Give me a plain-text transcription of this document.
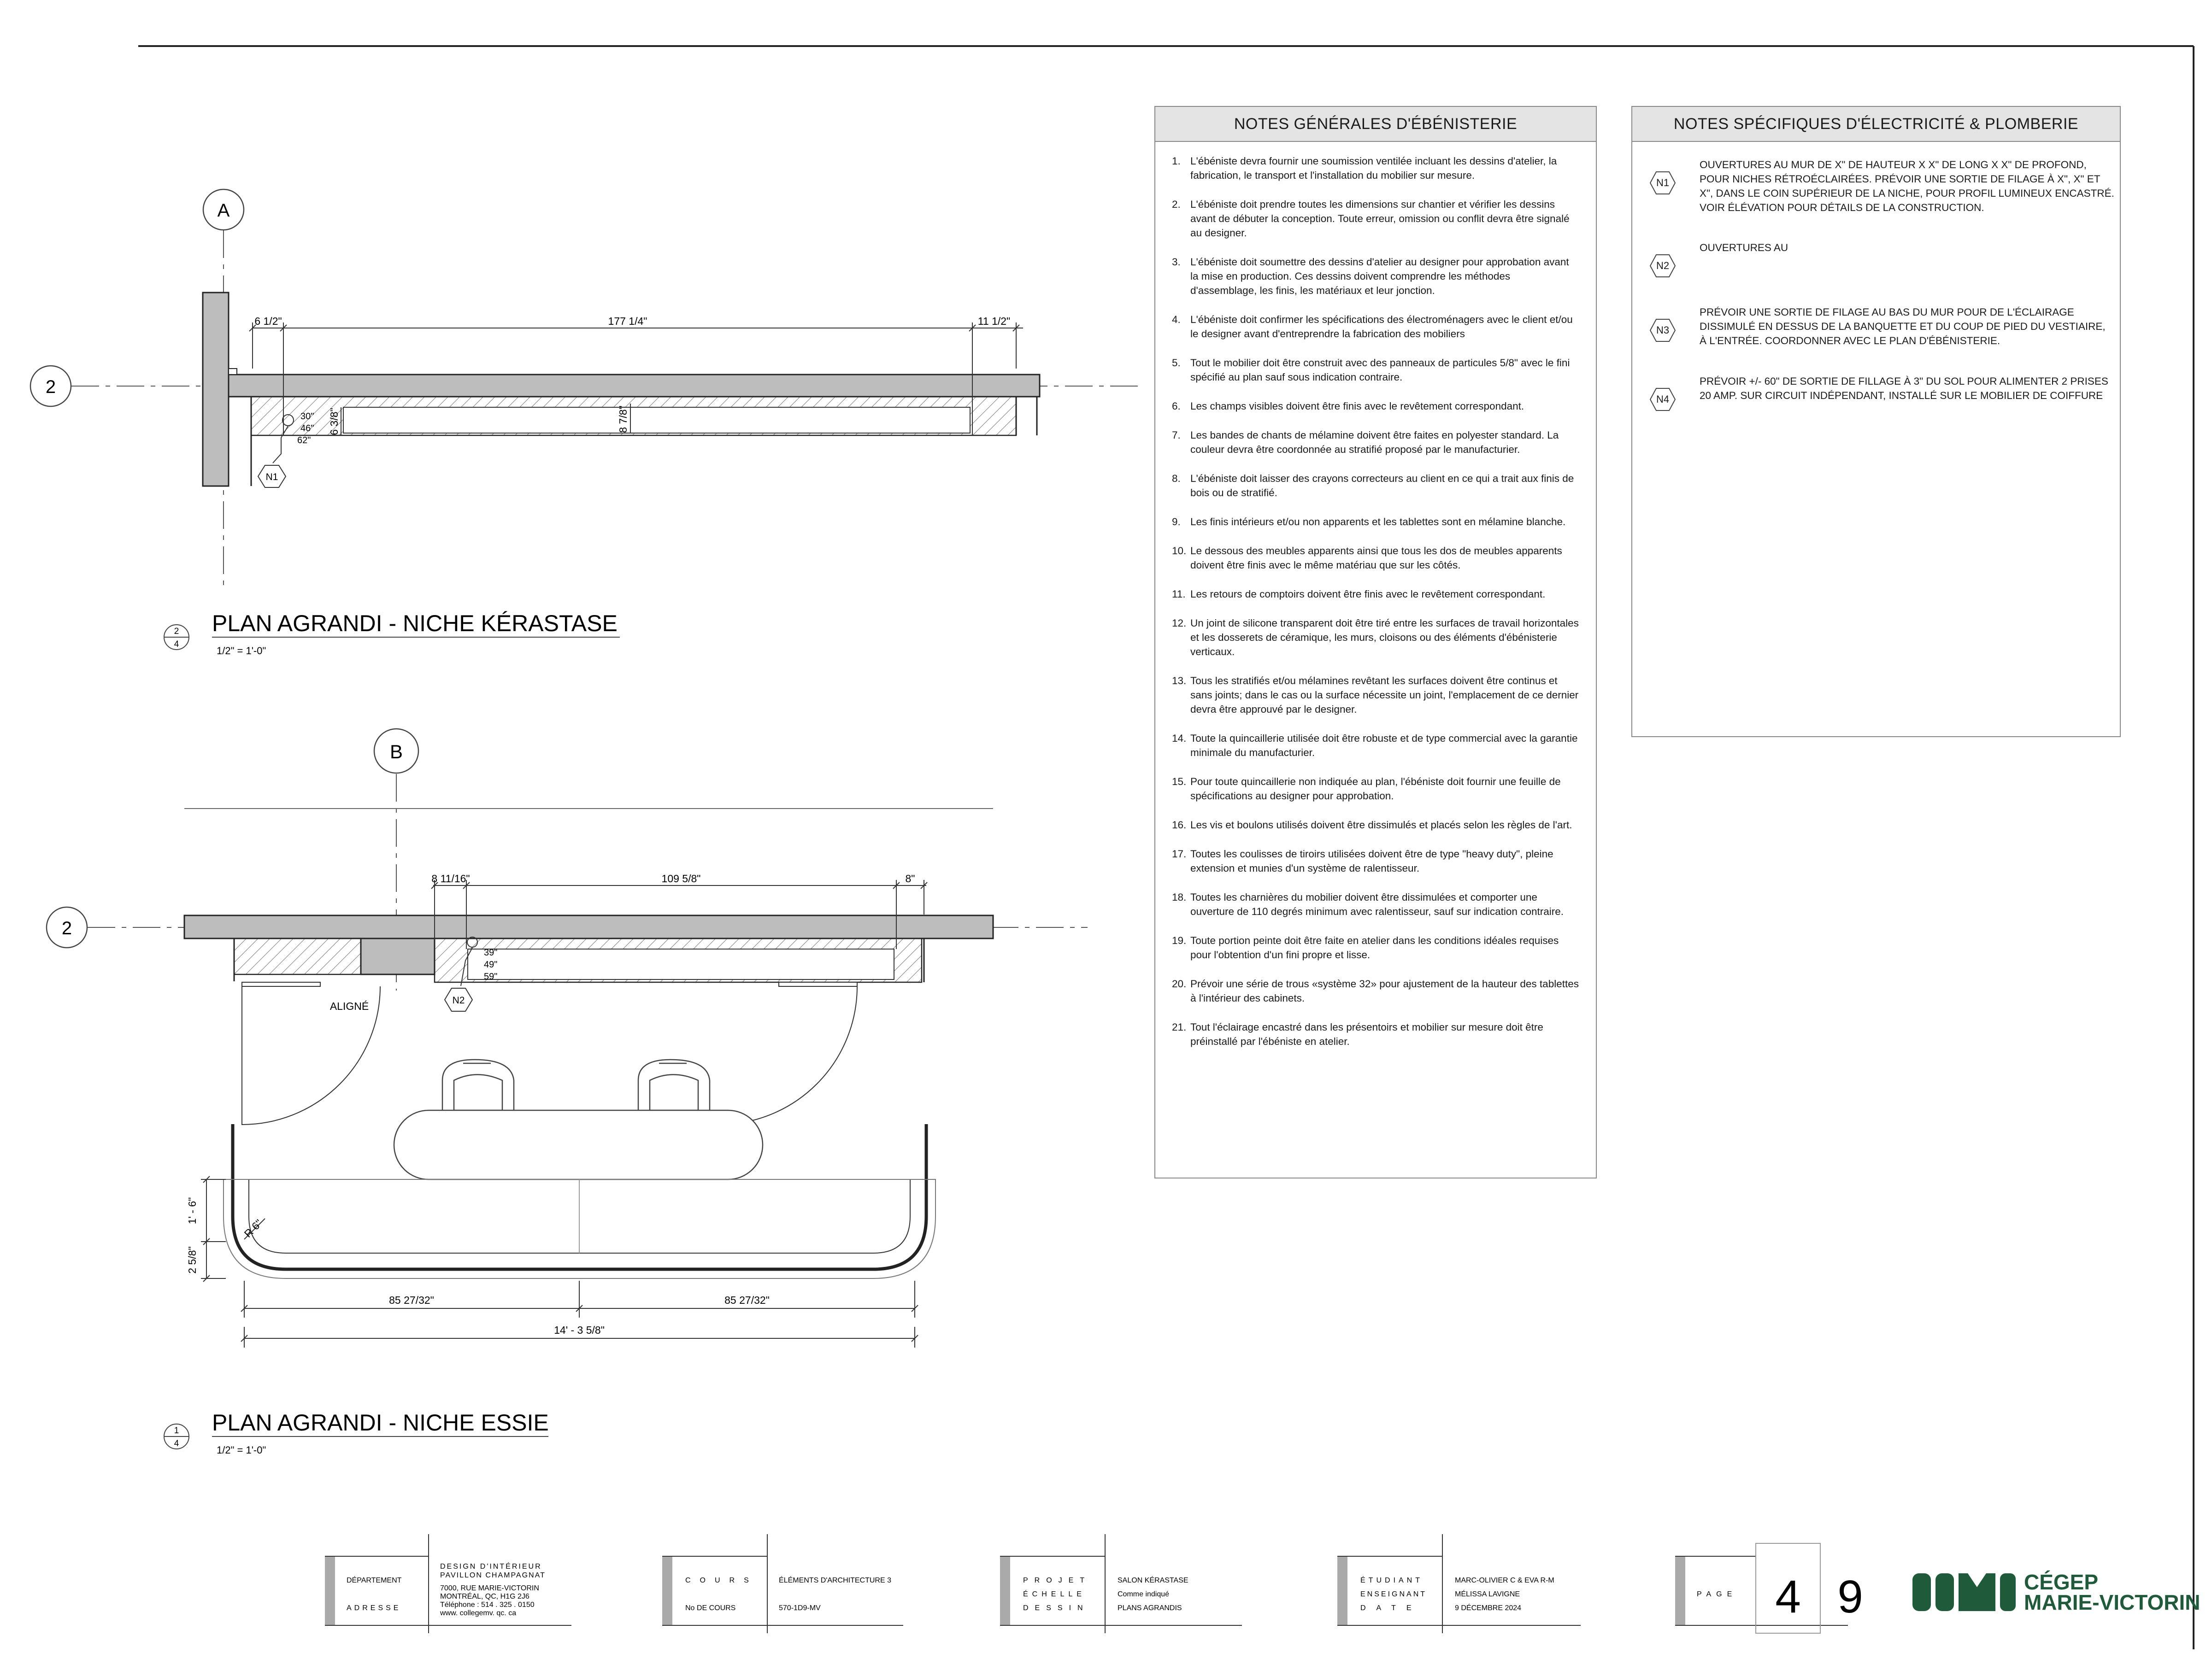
A
2
6 1/2"	177 1/4"	11 1/2"
6 3/8"	8 7/8"
30"
46"
62"
N1
2
4
PLAN AGRANDI - NICHE KÉRASTASE
1/2" = 1'-0"
B
2
8 11/16"	109 5/8"	8"
39"
49"
59"
N2
ALIGNÉ
1' - 6"
2 5/8"
R 6"
85 27/32"	85 27/32"
14' - 3 5/8"
1
4
PLAN AGRANDI - NICHE ESSIE
1/2" = 1'-0"
DÉPARTEMENT
DESIGN D'INTÉRIEUR
PAVILLON CHAMPAGNAT
ADRESSE
7000, RUE MARIE-VICTORIN
MONTRÉAL, QC, H1G 2J6
Téléphone : 514 . 325 . 0150
www. collegemv. qc. ca
COURS	ÉLÉMENTS D'ARCHITECTURE 3
No DE COURS	570-1D9-MV
PROJET	SALON KÉRASTASE
ÉCHELLE	Comme indiqué
DESSIN	PLANS AGRANDIS
ÉTUDIANT	MARC-OLIVIER C & EVA R-M
ENSEIGNANT	MÉLISSA LAVIGNE
DATE	9 DÉCEMBRE 2024
PAGE 4 9	CÉGEP
MARIE-VICTORIN
NOTES GÉNÉRALES D'ÉBÉNISTERIE
1. L'ébéniste devra fournir une soumission ventilée incluant les dessins d'atelier, la fabrication, le transport et l'installation du mobilier sur mesure.
2. L'ébéniste doit prendre toutes les dimensions sur chantier et vérifier les dessins avant de débuter la conception. Toute erreur, omission ou conflit devra être signalé au designer.
3. L'ébéniste doit soumettre des dessins d'atelier au designer pour approbation avant la mise en production. Ces dessins doivent comprendre les méthodes d'assemblage, les finis, les matériaux et leur jonction.
4. L'ébéniste doit confirmer les spécifications des électroménagers avec le client et/ou le designer avant d'entreprendre la fabrication des mobiliers
5. Tout le mobilier doit être construit avec des panneaux de particules 5/8" avec le fini spécifié au plan sauf sous indication contraire.
6. Les champs visibles doivent être finis avec le revêtement correspondant.
7. Les bandes de chants de mélamine doivent être faites en polyester standard. La couleur devra être coordonnée au stratifié proposé par le manufacturier.
8. L'ébéniste doit laisser des crayons correcteurs au client en ce qui a trait aux finis de bois ou de stratifié.
9. Les finis intérieurs et/ou non apparents et les tablettes sont en mélamine blanche.
10. Le dessous des meubles apparents ainsi que tous les dos de meubles apparents doivent être finis avec le même matériau que sur les côtés.
11. Les retours de comptoirs doivent être finis avec le revêtement correspondant.
12. Un joint de silicone transparent doit être tiré entre les surfaces de travail horizontales et les dosserets de céramique, les murs, cloisons ou des éléments d'ébénisterie verticaux.
13. Tous les stratifiés et/ou mélamines revêtant les surfaces doivent être continus et sans joints; dans le cas ou la surface nécessite un joint, l'emplacement de ce dernier devra être approuvé par le designer.
14. Toute la quincaillerie utilisée doit être robuste et de type commercial avec la garantie minimale du manufacturier.
15. Pour toute quincaillerie non indiquée au plan, l'ébéniste doit fournir une feuille de spécifications au designer pour approbation.
16. Les vis et boulons utilisés doivent être dissimulés et placés selon les règles de l'art.
17. Toutes les coulisses de tiroirs utilisées doivent être de type "heavy duty", pleine extension et munies d'un système de ralentisseur.
18. Toutes les charnières du mobilier doivent être dissimulées et comporter une ouverture de 110 degrés minimum avec ralentisseur, sauf sur indication contraire.
19. Toute portion peinte doit être faite en atelier dans les conditions idéales requises pour l'obtention d'un fini propre et lisse.
20. Prévoir une série de trous «système 32» pour ajustement de la hauteur des tablettes à l'intérieur des cabinets.
21. Tout l'éclairage encastré dans les présentoirs et mobilier sur mesure doit être préinstallé par l'ébéniste en atelier.
NOTES SPÉCIFIQUES D'ÉLECTRICITÉ & PLOMBERIE
N1
OUVERTURES AU MUR DE X" DE HAUTEUR X X" DE LONG X X" DE PROFOND, POUR NICHES RÉTROÉCLAIRÉES. PRÉVOIR UNE SORTIE DE FILAGE À X", X" ET X", DANS LE COIN SUPÉRIEUR DE LA NICHE, POUR PROFIL LUMINEUX ENCASTRÉ. VOIR ÉLÉVATION POUR DÉTAILS DE LA CONSTRUCTION.
N2
OUVERTURES AU
N3
PRÉVOIR UNE SORTIE DE FILAGE AU BAS DU MUR POUR DE L'ÉCLAIRAGE DISSIMULÉ EN DESSUS DE LA BANQUETTE ET DU COUP DE PIED DU VESTIAIRE, À L'ENTRÉE. COORDONNER AVEC LE PLAN D'ÉBÉNISTERIE.
N4
PRÉVOIR +/- 60" DE SORTIE DE FILLAGE À 3" DU SOL POUR ALIMENTER 2 PRISES 20 AMP. SUR CIRCUIT INDÉPENDANT, INSTALLÉ SUR LE MOBILIER DE COIFFURE
